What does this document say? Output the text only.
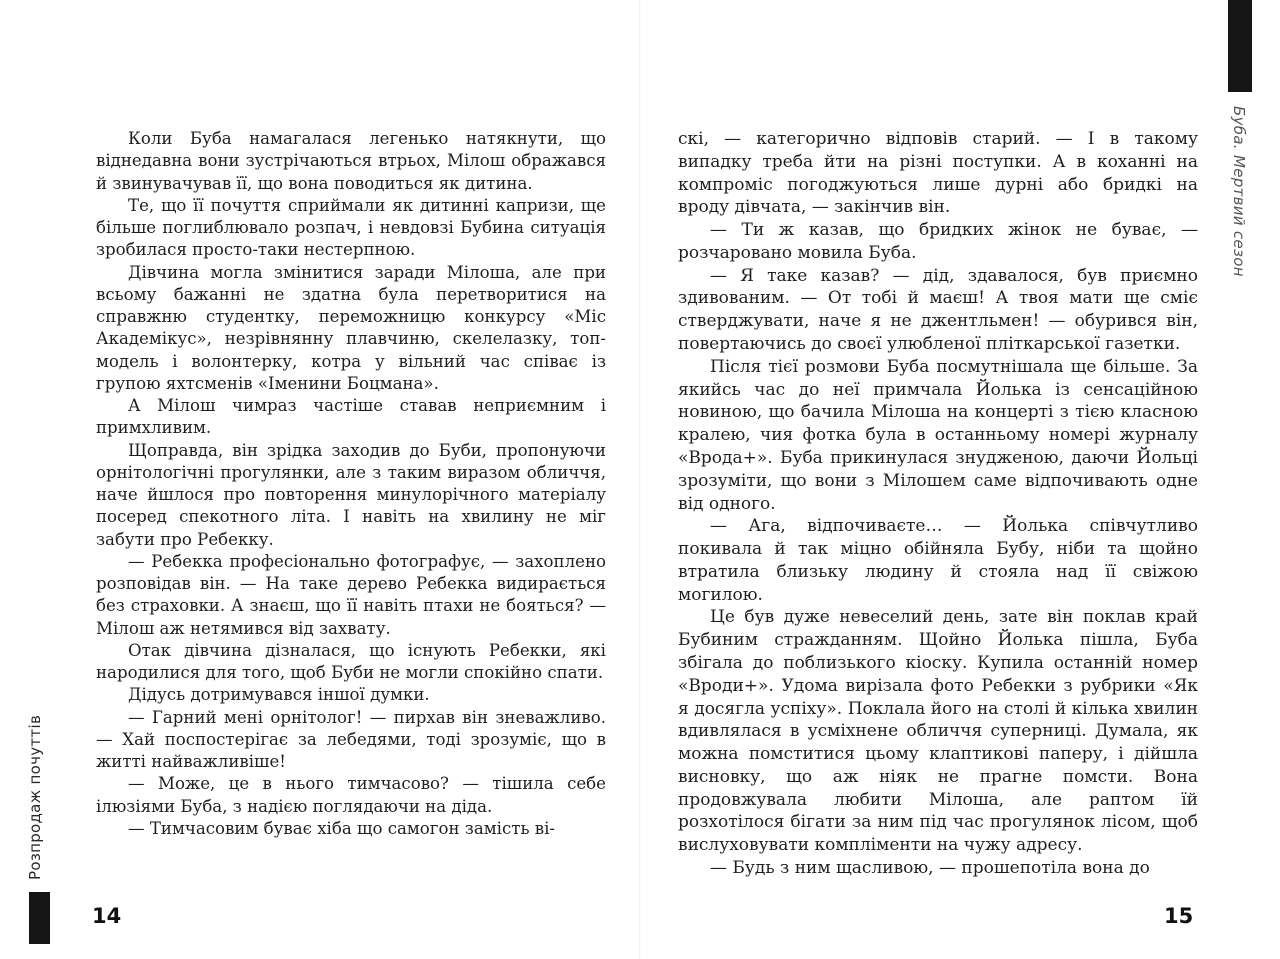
Коли Буба намагалася легенько натякнути, що віднедавна вони зустрічаються втрьох, Мілош ображався й звинувачував її, що вона поводиться як дитина.

Те, що її почуття сприймали як дитинні капризи, ще більше поглиблювало розпач, і невдовзі Бубина ситуація зробилася просто-таки нестерпною.

Дівчина могла змінитися заради Мілоша, але при всьому бажанні не здатна була перетворитися на справжню студентку, переможницю конкурсу «Міс Академікус», незрівнянну плавчиню, скелелазку, топ-модель і волонтерку, котра у вільний час співає із групою яхтсменів «Іменини Боцмана».

А Мілош чимраз частіше ставав неприємним і примхливим.

Щоправда, він зрідка заходив до Буби, пропонуючи орнітологічні прогулянки, але з таким виразом обличчя, наче йшлося про повторення минулорічного матеріалу посеред спекотного літа. І навіть на хвилину не міг забути про Ребекку.

— Ребекка професіонально фотографує, — захоплено розповідав він. — На таке дерево Ребекка видирається без страховки. А знаєш, що її навіть птахи не бояться? — Мілош аж нетямився від захвату.

Отак дівчина дізналася, що існують Ребекки, які народилися для того, щоб Буби не могли спокійно спати.

Дідусь дотримувався іншої думки.

— Гарний мені орнітолог! — пирхав він зневажливо. — Хай поспостерігає за лебедями, тоді зрозуміє, що в житті найважливіше!

— Може, це в нього тимчасово? — тішила себе ілюзіями Буба, з надією поглядаючи на діда.

— Тимчасовим буває хіба що самогон замість ві-

скі, — категорично відповів старий. — І в такому випадку треба йти на різні поступки. А в коханні на компроміс погоджуються лише дурні або бридкі на вроду дівчата, — закінчив він.

— Ти ж казав, що бридких жінок не буває, — розчаровано мовила Буба.

— Я таке казав? — дід, здавалося, був приємно здивованим. — От тобі й маєш! А твоя мати ще сміє стверджувати, наче я не джентльмен! — обурився він, повертаючись до своєї улюбленої пліткарської газетки.

Після тієї розмови Буба посмутнішала ще більше. За якийсь час до неї примчала Йолька із сенсаційною новиною, що бачила Мілоша на концерті з тією класною кралею, чия фотка була в останньому номері журналу «Врода+». Буба прикинулася знудженою, даючи Йольці зрозуміти, що вони з Мілошем саме відпочивають одне від одного.

— Ага, відпочиваєте… — Йолька співчутливо покивала й так міцно обійняла Бубу, ніби та щойно втратила близьку людину й стояла над її свіжою могилою.

Це був дуже невеселий день, зате він поклав край Бубиним стражданням. Щойно Йолька пішла, Буба збігала до поблизького кіоску. Купила останній номер «Вроди+». Удома вирізала фото Ребекки з рубрики «Як я досягла успіху». Поклала його на столі й кілька хвилин вдивлялася в усміхнене обличчя суперниці. Думала, як можна помститися цьому клаптикові паперу, і дійшла висновку, що аж ніяк не прагне помсти. Вона продовжувала любити Мілоша, але раптом їй розхотілося бігати за ним під час прогулянок лісом, щоб вислуховувати компліменти на чужу адресу.

— Будь з ним щасливою, — прошепотіла вона до

Розпродаж почуттів
Буба. Мертвий сезон
14	15
